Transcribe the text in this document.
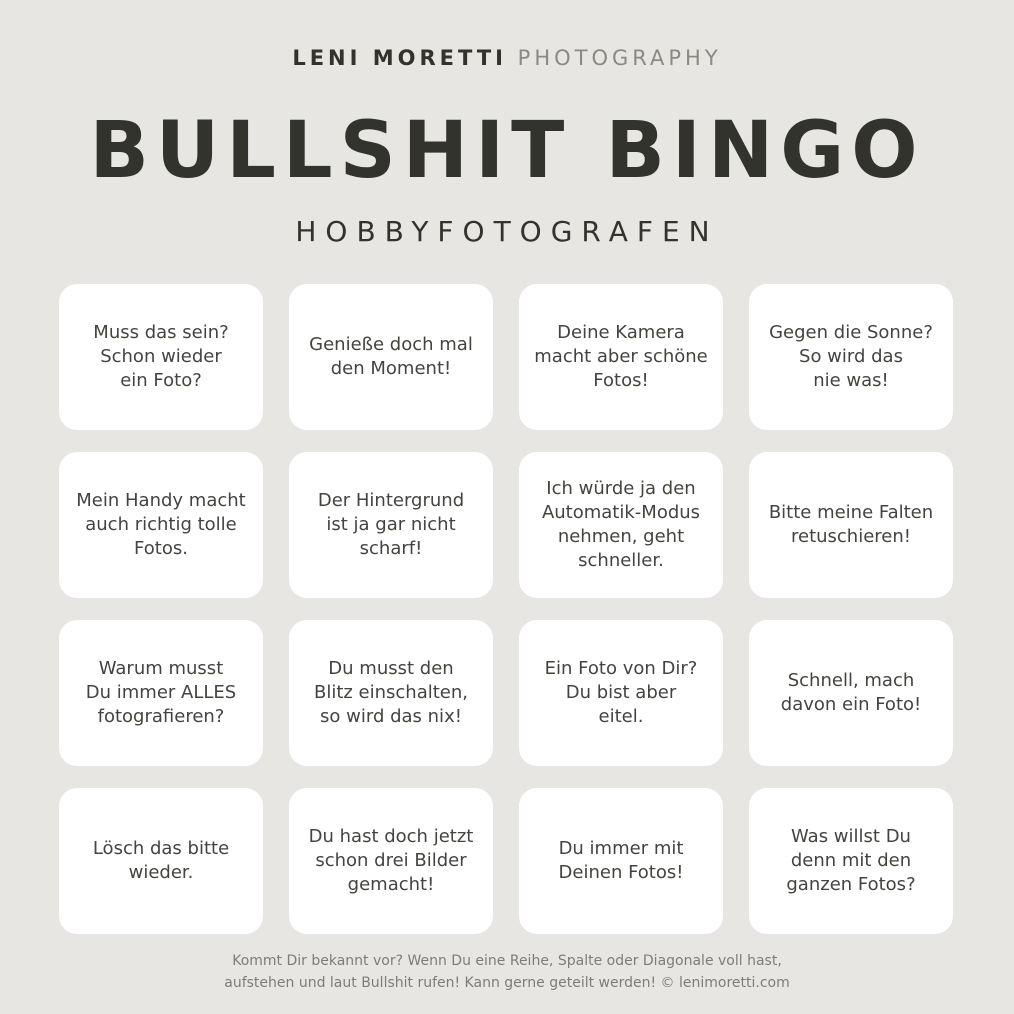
LENI MORETTI PHOTOGRAPHY
BULLSHIT BINGO
HOBBYFOTOGRAFEN
Muss das sein?
Schon wieder
ein Foto?
Genieße doch mal
den Moment!
Deine Kamera
macht aber schöne
Fotos!
Gegen die Sonne?
So wird das
nie was!
Mein Handy macht
auch richtig tolle
Fotos.
Der Hintergrund
ist ja gar nicht
scharf!
Ich würde ja den
Automatik-Modus
nehmen, geht
schneller.
Bitte meine Falten
retuschieren!
Warum musst
Du immer ALLES
fotografieren?
Du musst den
Blitz einschalten,
so wird das nix!
Ein Foto von Dir?
Du bist aber
eitel.
Schnell, mach
davon ein Foto!
Lösch das bitte
wieder.
Du hast doch jetzt
schon drei Bilder
gemacht!
Du immer mit
Deinen Fotos!
Was willst Du
denn mit den
ganzen Fotos?
Kommt Dir bekannt vor? Wenn Du eine Reihe, Spalte oder Diagonale voll hast,
aufstehen und laut Bullshit rufen! Kann gerne geteilt werden! © lenimoretti.com
